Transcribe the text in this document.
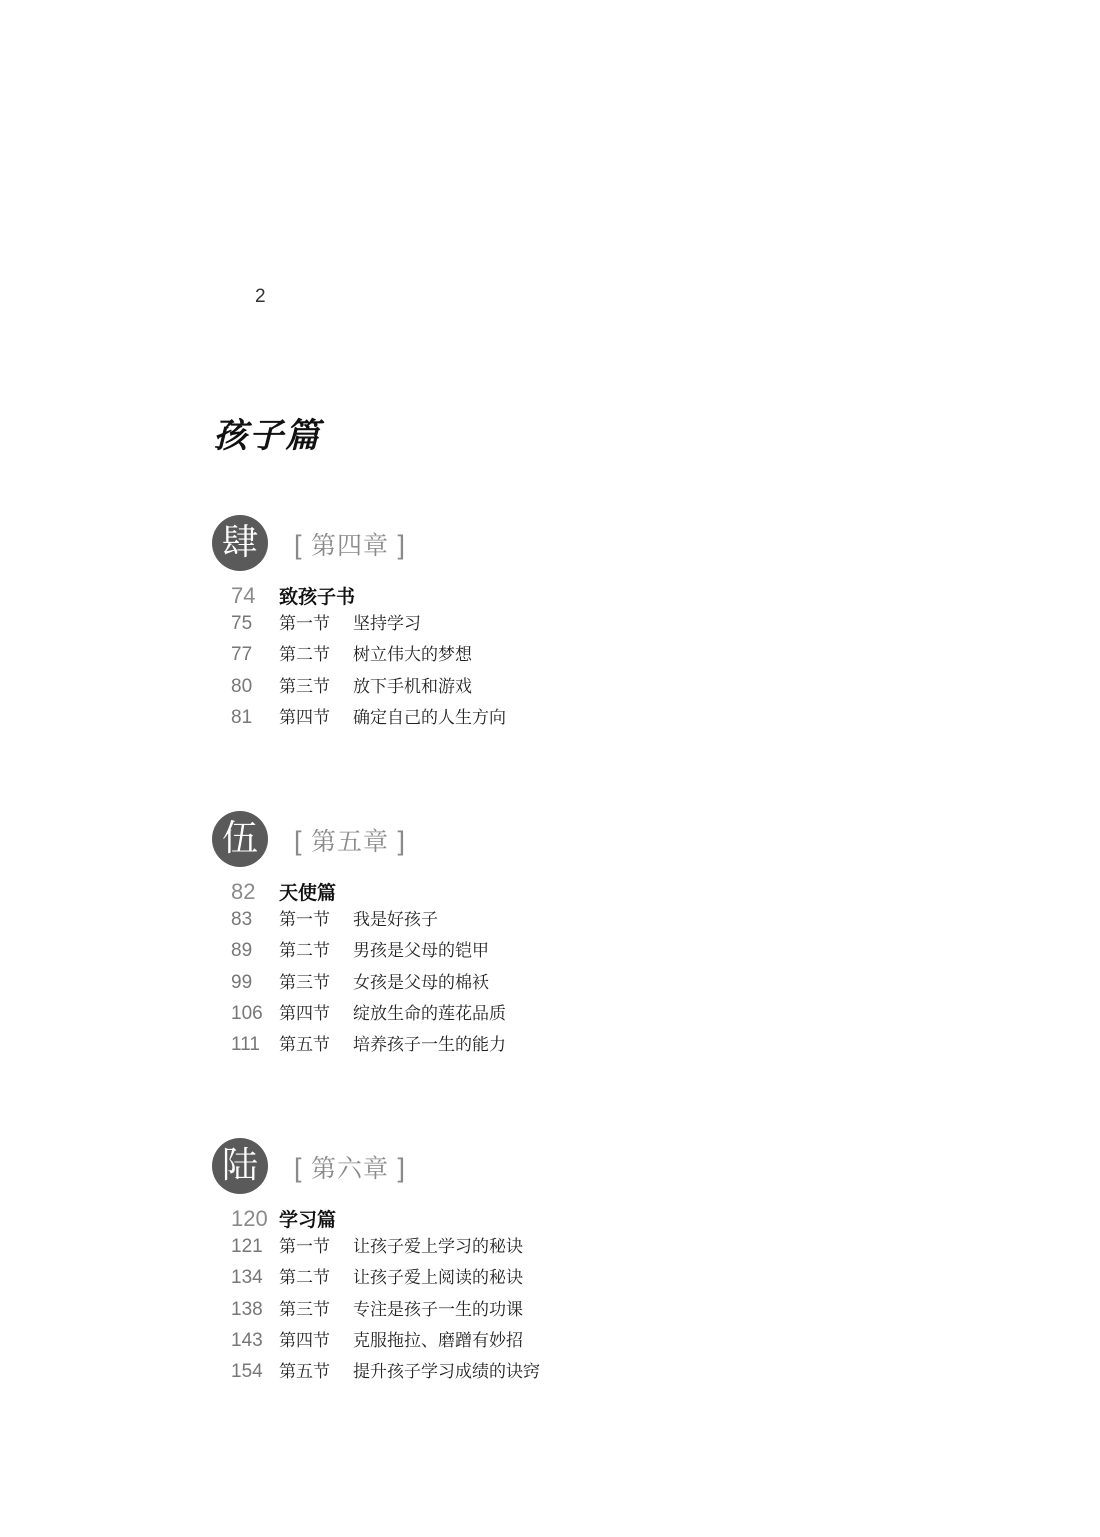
2
孩子篇
肆	[ 第四章 ]
74 致孩子书
75 第一节 坚持学习
77 第二节 树立伟大的梦想
80 第三节 放下手机和游戏
81 第四节 确定自己的人生方向
伍	[ 第五章 ]
82 天使篇
83 第一节 我是好孩子
89 第二节 男孩是父母的铠甲
99 第三节 女孩是父母的棉袄
106 第四节 绽放生命的莲花品质
111 第五节 培养孩子一生的能力
陆	[ 第六章 ]
120 学习篇
121 第一节 让孩子爱上学习的秘诀
134 第二节 让孩子爱上阅读的秘诀
138 第三节 专注是孩子一生的功课
143 第四节 克服拖拉、磨蹭有妙招
154 第五节 提升孩子学习成绩的诀窍
